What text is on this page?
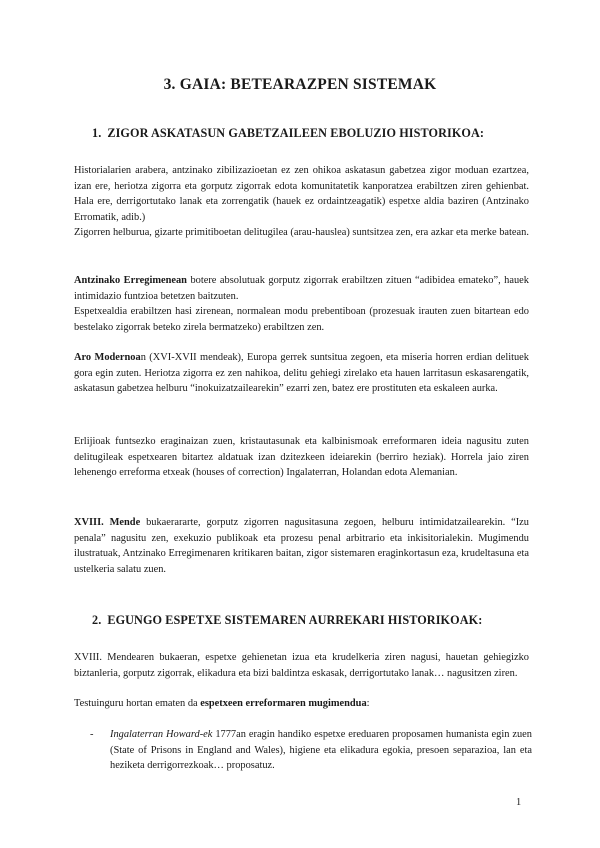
3. GAIA: BETEARAZPEN SISTEMAK
1. ZIGOR ASKATASUN GABETZAILEEN EBOLUZIO HISTORIKOA:

Historialarien arabera, antzinako zibilizazioetan ez zen ohikoa askatasun gabetzea zigor moduan ezartzea, izan ere, heriotza zigorra eta gorputz zigorrak edota komunitatetik kanporatzea erabiltzen ziren gehienbat. Hala ere, derrigortutako lanak eta zorrengatik (hauek ez ordaintzeagatik) espetxe aldia baziren (Antzinako Erromatik, adib.)

Zigorren helburua, gizarte primitiboetan delitugilea (arau-hauslea) suntsitzea zen, era azkar eta merke batean.

Antzinako Erregimenean botere absolutuak gorputz zigorrak erabiltzen zituen “adibidea emateko”, hauek intimidazio funtzioa betetzen baitzuten.

Espetxealdia erabiltzen hasi zirenean, normalean modu prebentiboan (prozesuak irauten zuen bitartean edo bestelako zigorrak beteko zirela bermatzeko) erabiltzen zen.

Aro Modernoan (XVI-XVII mendeak), Europa gerrek suntsitua zegoen, eta miseria horren erdian delituek gora egin zuten. Heriotza zigorra ez zen nahikoa, delitu gehiegi zirelako eta hauen larritasun eskasarengatik, askatasun gabetzea helburu “inokuizatzailearekin” ezarri zen, batez ere prostituten eta eskaleen aurka.

Erlijioak funtsezko eraginaizan zuen, kristautasunak eta kalbinismoak erreformaren ideia nagusitu zuten delitugileak espetxearen bitartez aldatuak izan dzitezkeen ideiarekin (berriro heziak). Horrela jaio ziren lehenengo erreforma etxeak (houses of correction) Ingalaterran, Holandan edota Alemanian.

XVIII. Mende bukaerararte, gorputz zigorren nagusitasuna zegoen, helburu intimidatzailearekin. “Izu penala” nagusitu zen, exekuzio publikoak eta prozesu penal arbitrario eta inkisitorialekin. Mugimendu ilustratuak, Antzinako Erregimenaren kritikaren baitan, zigor sistemaren eraginkortasun eza, krudeltasuna eta ustelkeria salatu zuen.

2. EGUNGO ESPETXE SISTEMAREN AURREKARI HISTORIKOAK:

XVIII. Mendearen bukaeran, espetxe gehienetan izua eta krudelkeria ziren nagusi, hauetan gehiegizko biztanleria, gorputz zigorrak, elikadura eta bizi baldintza eskasak, derrigortutako lanak… nagusitzen ziren.

Testuinguru hortan ematen da espetxeen erreformaren mugimendua:

- Ingalaterran Howard-ek 1777an eragin handiko espetxe ereduaren proposamen humanista egin zuen (State of Prisons in England and Wales), higiene eta elikadura egokia, presoen separazioa, lan eta heziketa derrigorrezkoak… proposatuz.
1
